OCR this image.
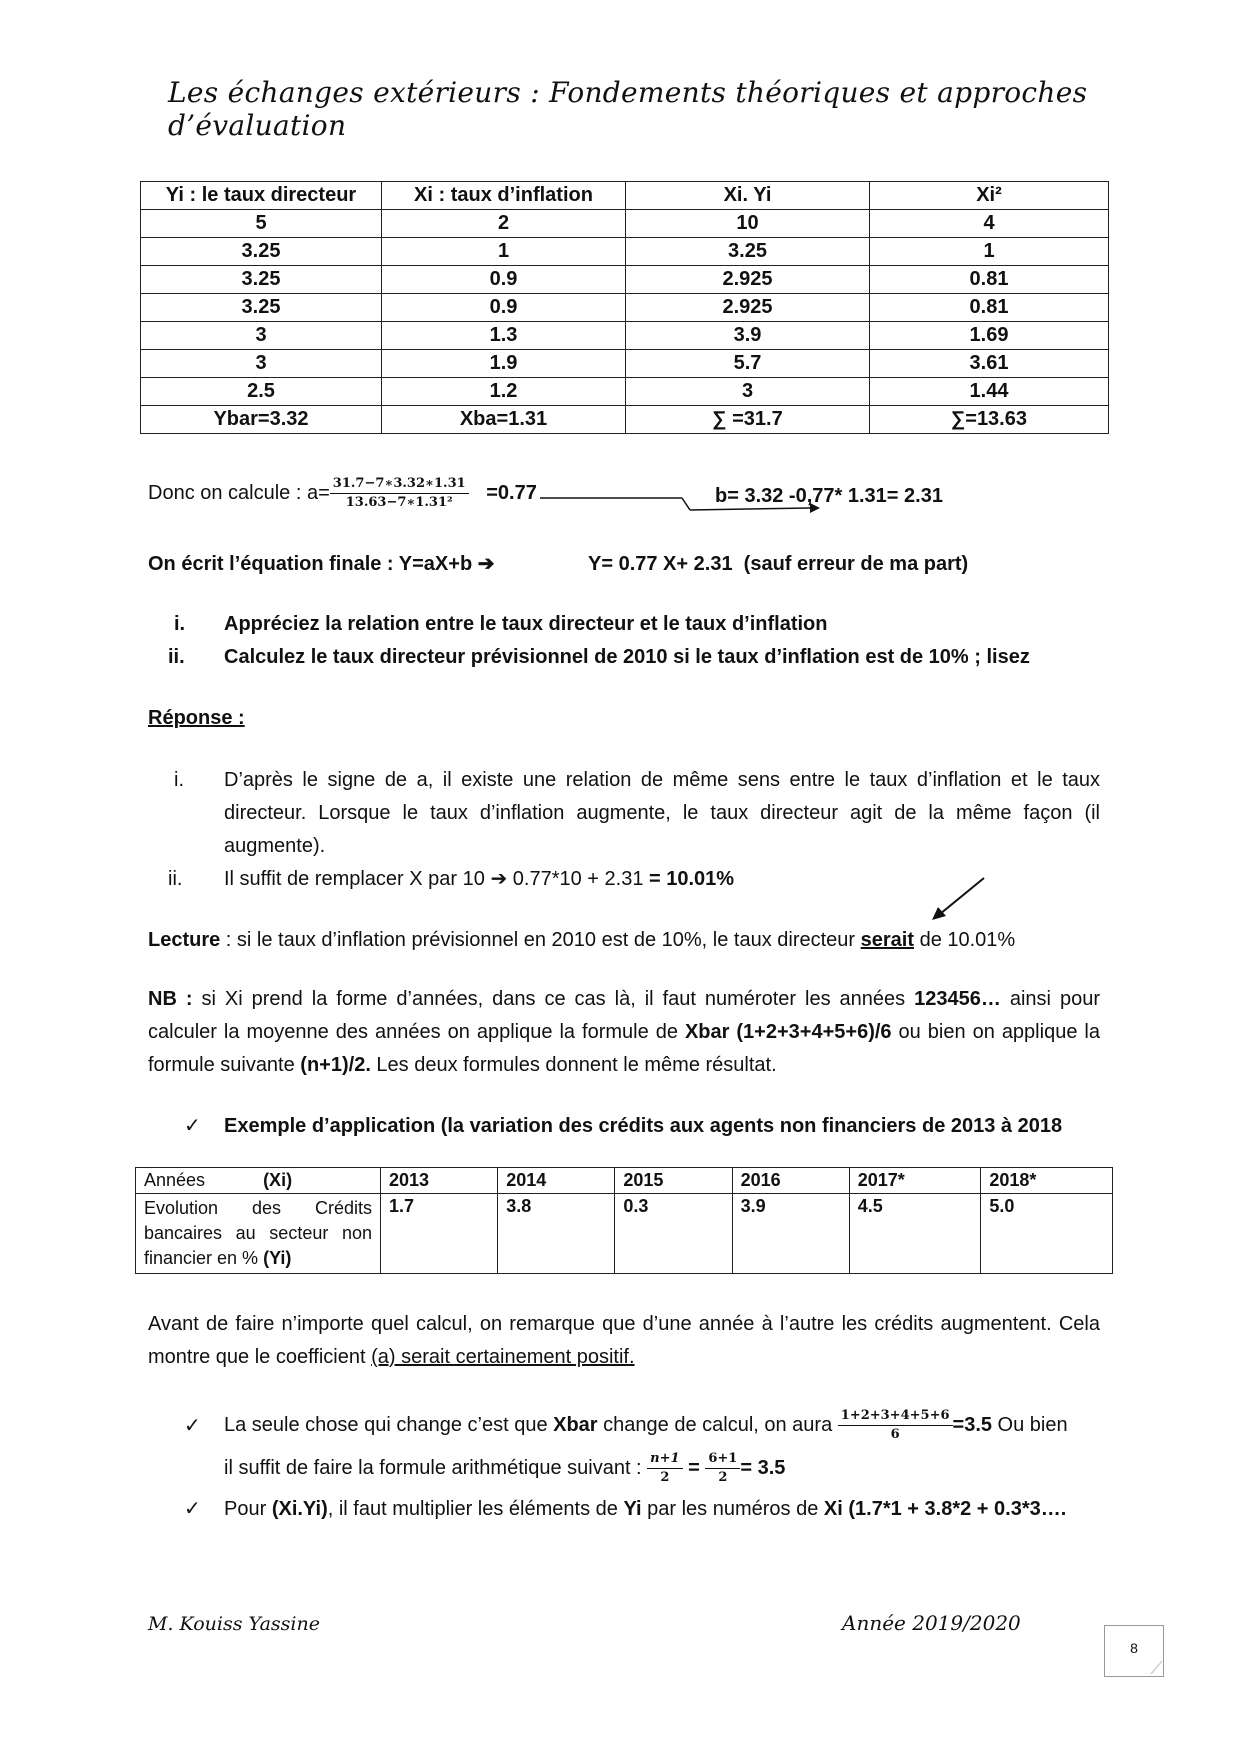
Les échanges extérieurs : Fondements théoriques et approches d’évaluation
Yi : le taux directeur	Xi : taux d’inflation	Xi. Yi	Xi²
5	2	10	4
3.25	1	3.25	1
3.25	0.9	2.925	0.81
3.25	0.9	2.925	0.81
3	1.3	3.9	1.69
3	1.9	5.7	3.61
2.5	1.2	3	1.44
Ybar=3.32	Xba=1.31	∑ =31.7	∑=13.63
Donc on calcule : $a= \frac{31.7-7∗3.32∗1.31}{\text{13.63−7∗1.31²}} =0.77$	b= 3.32 -0,77* 1.31= 2.31
On écrit l’équation finale : Y=aX+b ➔	Y= 0.77 X+ 2.31  (sauf erreur de ma part)
i. Appréciez la relation entre le taux directeur et le taux d’inflation
ii. Calculez le taux directeur prévisionnel de 2010 si le taux d’inflation est de 10% ; lisez
Réponse :
i. D’après le signe de a, il existe une relation de même sens entre le taux d’inflation et le taux directeur. Lorsque le taux d’inflation augmente, le taux directeur agit de la même façon (il augmente).
ii. Il suffit de remplacer X par 10 ➔ 0.77*10 + 2.31 = 10.01%
Lecture : si le taux d’inflation prévisionnel en 2010 est de 10%, le taux directeur serait de 10.01%
NB : si Xi prend la forme d’années, dans ce cas là, il faut numéroter les années 123456… ainsi pour calculer la moyenne des années on applique la formule de Xbar (1+2+3+4+5+6)/6 ou bien on applique la formule suivante (n+1)/2. Les deux formules donnent le même résultat.
✓ Exemple d’application (la variation des crédits aux agents non financiers de 2013 à 2018
Années (Xi)	2013	2014	2015	2016	2017*	2018*
Evolution des Crédits bancaires au secteur non financier en % (Yi)	1.7	3.8	0.3	3.9	4.5	5.0
Avant de faire n’importe quel calcul, on remarque que d’une année à l’autre les crédits augmentent. Cela montre que le coefficient (a) serait certainement positif.
✓ La seule chose qui change c’est que Xbar change de calcul, on aura $\frac{1+2+3+4+5+6}{6} =3.5$ Ou bien
il suffit de faire la formule arithmétique suivant : $\frac{n+1}{2} = \frac{6+1}{2} = 3.5$
✓ Pour (Xi.Yi), il faut multiplier les éléments de Yi par les numéros de Xi (1.7*1 + 3.8*2 + 0.3*3….
M. Kouiss Yassine	Année 2019/2020
8
